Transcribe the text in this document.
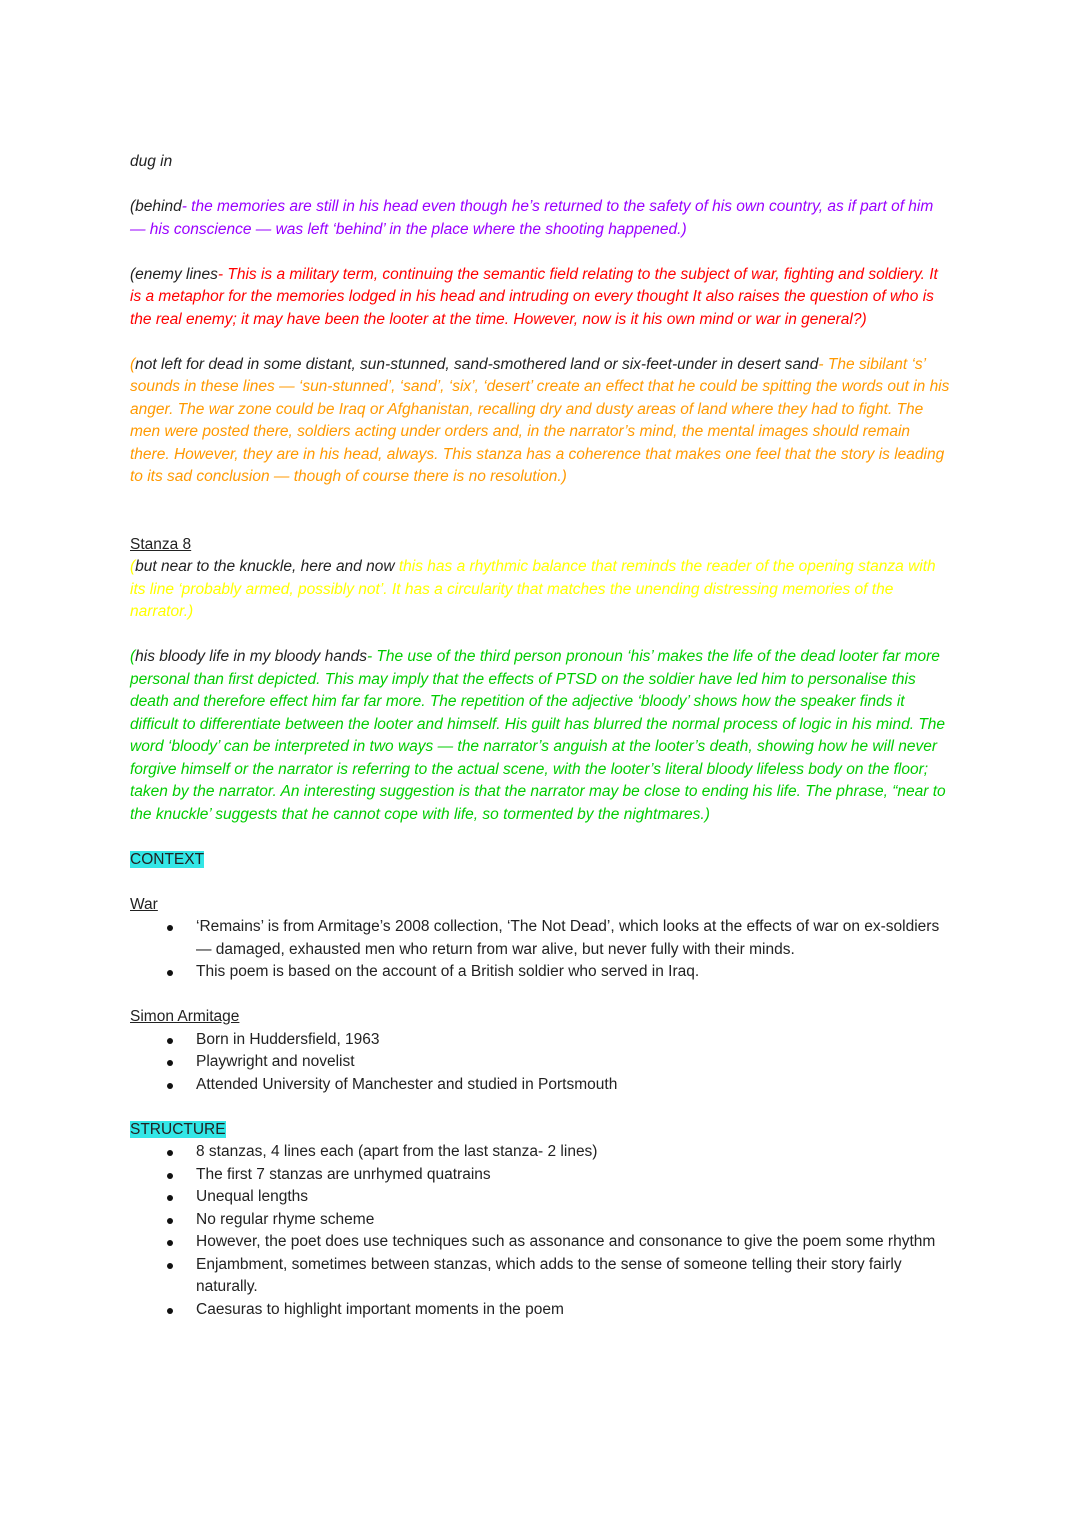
dug in

(behind- the memories are still in his head even though he’s returned to the safety of his own country, as if part of him — his conscience — was left ‘behind’ in the place where the shooting happened.)

(enemy lines- This is a military term, continuing the semantic field relating to the subject of war, fighting and soldiery. It is a metaphor for the memories lodged in his head and intruding on every thought It also raises the question of who is the real enemy; it may have been the looter at the time. However, now is it his own mind or war in general?)

(not left for dead in some distant, sun-stunned, sand-smothered land or six-feet-under in desert sand- The sibilant ‘s’ sounds in these lines — ‘sun-stunned’, ‘sand’, ‘six’, ‘desert’ create an effect that he could be spitting the words out in his anger. The war zone could be Iraq or Afghanistan, recalling dry and dusty areas of land where they had to fight. The men were posted there, soldiers acting under orders and, in the narrator’s mind, the mental images should remain there. However, they are in his head, always. This stanza has a coherence that makes one feel that the story is leading to its sad conclusion — though of course there is no resolution.)

Stanza 8

(but near to the knuckle, here and now this has a rhythmic balance that reminds the reader of the opening stanza with its line ‘probably armed, possibly not’. It has a circularity that matches the unending distressing memories of the narrator.)

(his bloody life in my bloody hands- The use of the third person pronoun ‘his’ makes the life of the dead looter far more personal than first depicted. This may imply that the effects of PTSD on the soldier have led him to personalise this death and therefore effect him far far more. The repetition of the adjective ‘bloody’ shows how the speaker finds it difficult to differentiate between the looter and himself. His guilt has blurred the normal process of logic in his mind. The word ‘bloody’ can be interpreted in two ways — the narrator’s anguish at the looter’s death, showing how he will never forgive himself or the narrator is referring to the actual scene, with the looter’s literal bloody lifeless body on the floor; taken by the narrator. An interesting suggestion is that the narrator may be close to ending his life. The phrase, “near to the knuckle’ suggests that he cannot cope with life, so tormented by the nightmares.)

CONTEXT

War

‘Remains’ is from Armitage’s 2008 collection, ‘The Not Dead’, which looks at the effects of war on ex-soldiers — damaged, exhausted men who return from war alive, but never fully with their minds.
This poem is based on the account of a British soldier who served in Iraq.

Simon Armitage

Born in Huddersfield, 1963
Playwright and novelist
Attended University of Manchester and studied in Portsmouth

STRUCTURE

8 stanzas, 4 lines each (apart from the last stanza- 2 lines)
The first 7 stanzas are unrhymed quatrains
Unequal lengths
No regular rhyme scheme
However, the poet does use techniques such as assonance and consonance to give the poem some rhythm
Enjambment, sometimes between stanzas, which adds to the sense of someone telling their story fairly naturally.
Caesuras to highlight important moments in the poem
